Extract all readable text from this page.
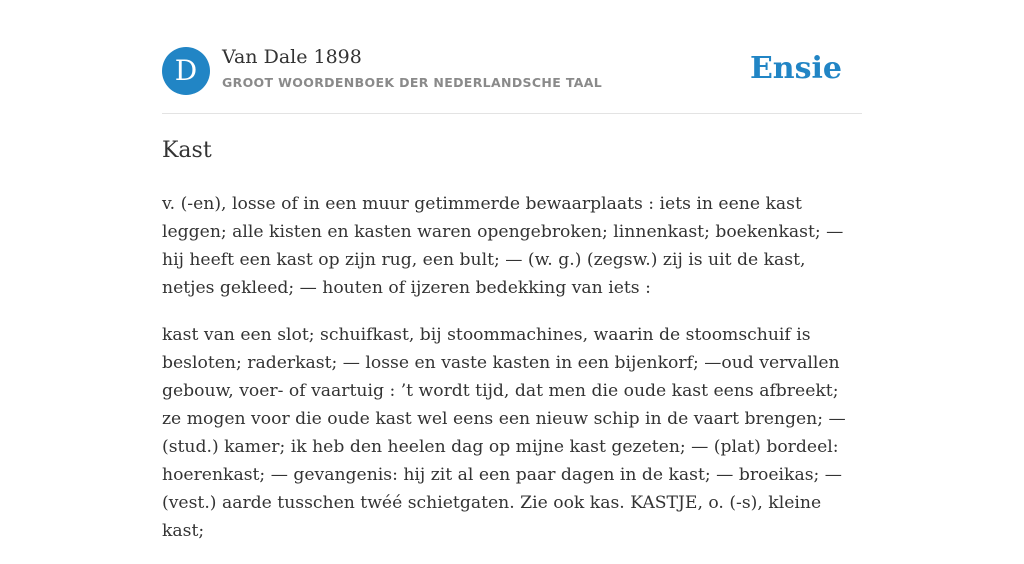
D	Van Dale 1898
GROOT WOORDENBOEK DER NEDERLANDSCHE TAAL	Ensie
Kast

v. (-en), losse of in een muur getimmerde bewaarplaats : iets in eene kast leggen; alle kisten en kasten waren opengebroken; linnenkast; boekenkast; — hij heeft een kast op zijn rug, een bult; — (w. g.) (zegsw.) zij is uit de kast, netjes gekleed; — houten of ijzeren bedekking van iets :

kast van een slot; schuifkast, bij stoommachines, waarin de stoomschuif is besloten; raderkast; — losse en vaste kasten in een bijenkorf; —oud vervallen gebouw, voer- of vaartuig : ’t wordt tijd, dat men die oude kast eens afbreekt; ze mogen voor die oude kast wel eens een nieuw schip in de vaart brengen; — (stud.) kamer; ik heb den heelen dag op mijne kast gezeten; — (plat) bordeel: hoerenkast; — gevangenis: hij zit al een paar dagen in de kast; — broeikas; — (vest.) aarde tusschen twéé schietgaten. Zie ook kas. KASTJE, o. (-s), kleine kast;
